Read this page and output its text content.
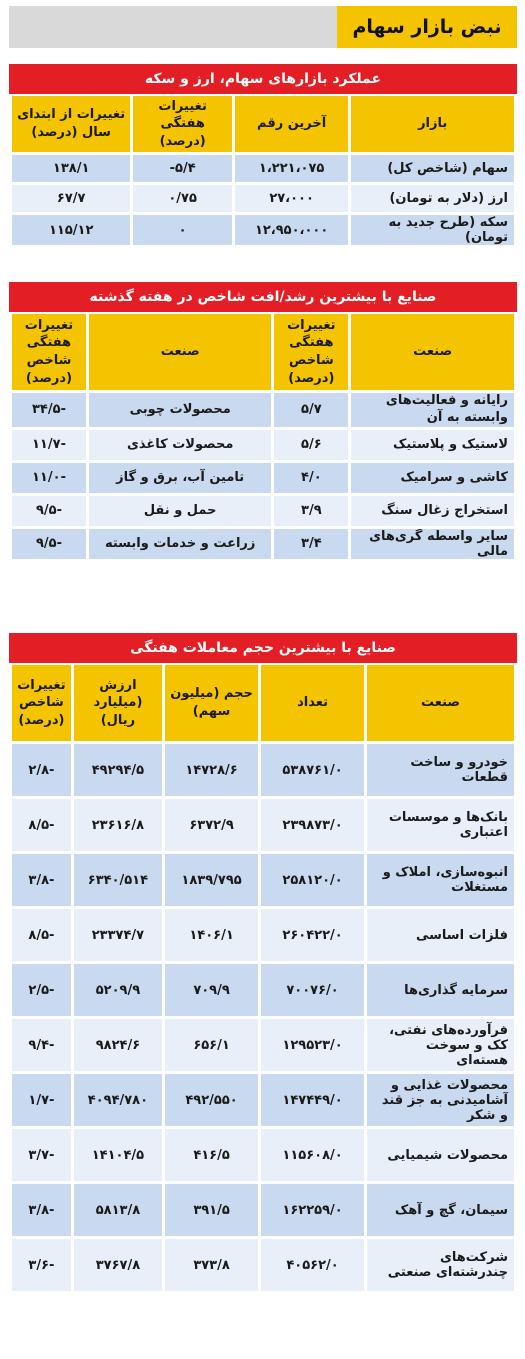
نبض بازار سهام
عملکرد بازارهای سهام، ارز و سکه
بازار	آخرین رقم	تغییرات هفتگی (درصد)	تغییرات از ابتدای سال (درصد)
سهام (شاخص کل)	۱،۲۲۱،۰۷۵	۵/۴-	۱۳۸/۱
ارز (دلار به تومان)	۲۷،۰۰۰	۰/۷۵	۶۷/۷
سکه (طرح جدید به تومان)	۱۲،۹۵۰،۰۰۰	۰	۱۱۵/۱۲
صنایع با بیشترین رشد/افت شاخص در هفته گذشته
صنعت	تغییرات هفتگی شاخص (درصد)	صنعت	تغییرات هفتگی شاخص (درصد)
رایانه و فعالیت‌های وابسته به آن	۵/۷	محصولات چوبی	-۳۴/۵
لاستیک و پلاستیک	۵/۶	محصولات کاغذی	-۱۱/۷
کاشی و سرامیک	۴/۰	تامین آب، برق و گاز	-۱۱/۰
استخراج زغال سنگ	۳/۹	حمل و نقل	-۹/۵
سایر واسطه گری‌های مالی	۳/۴	زراعت و خدمات وابسته	-۹/۵
صنایع با بیشترین حجم معاملات هفتگی
صنعت	تعداد	حجم (میلیون سهم)	ارزش (میلیارد ریال)	تغییرات شاخص (درصد)
خودرو و ساخت قطعات	۵۳۸۷۶۱/۰	۱۴۷۲۸/۶	۴۹۲۹۴/۵	-۲/۸
بانک‌ها و موسسات اعتباری	۲۳۹۸۷۳/۰	۶۳۷۲/۹	۲۳۶۱۶/۸	-۸/۵
انبوه‌سازی، املاک و مستغلات	۲۵۸۱۲۰/۰	۱۸۳۹/۷۹۵	۶۳۴۰/۵۱۴	-۳/۸
فلزات اساسی	۲۶۰۴۲۲/۰	۱۴۰۶/۱	۲۳۳۷۴/۷	-۸/۵
سرمایه گذاری‌ها	۷۰۰۷۶/۰	۷۰۹/۹	۵۲۰۹/۹	-۲/۵
فرآورده‌های نفتی، کک و سوخت هسته‌ای	۱۲۹۵۲۳/۰	۶۵۶/۱	۹۸۲۴/۶	-۹/۴
محصولات غذایی و آشامیدنی به جز قند و شکر	۱۴۷۴۴۹/۰	۴۹۲/۵۵۰	۴۰۹۴/۷۸۰	-۱/۷
محصولات شیمیایی	۱۱۵۶۰۸/۰	۴۱۶/۵	۱۴۱۰۴/۵	-۳/۷
سیمان، گچ و آهک	۱۶۲۲۵۹/۰	۳۹۱/۵	۵۸۱۳/۸	-۳/۸
شرکت‌های چندرشته‌ای صنعتی	۴۰۵۶۲/۰	۳۷۳/۸	۳۷۶۷/۸	-۳/۶
